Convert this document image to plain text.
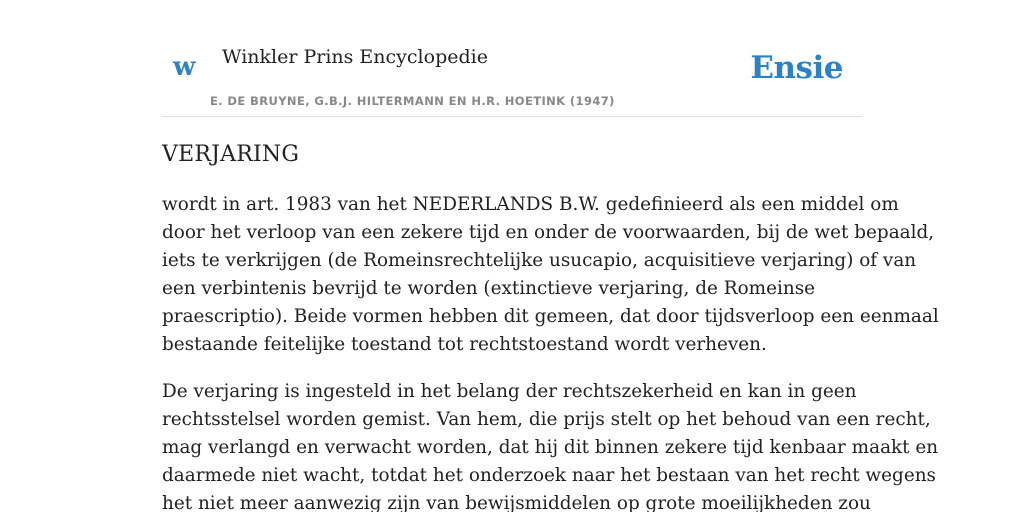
w Winkler Prins Encyclopedie
E. DE BRUYNE, G.B.J. HILTERMANN EN H.R. HOETINK (1947)
Ensie
VERJARING

wordt in art. 1983 van het NEDERLANDS B.W. gedefinieerd als een middel om
door het verloop van een zekere tijd en onder de voorwaarden, bij de wet bepaald,
iets te verkrijgen (de Romeinsrechtelijke usucapio, acquisitieve verjaring) of van
een verbintenis bevrijd te worden (extinctieve verjaring, de Romeinse
praescriptio). Beide vormen hebben dit gemeen, dat door tijdsverloop een eenmaal
bestaande feitelijke toestand tot rechtstoestand wordt verheven.

De verjaring is ingesteld in het belang der rechtszekerheid en kan in geen
rechtsstelsel worden gemist. Van hem, die prijs stelt op het behoud van een recht,
mag verlangd en verwacht worden, dat hij dit binnen zekere tijd kenbaar maakt en
daarmede niet wacht, totdat het onderzoek naar het bestaan van het recht wegens
het niet meer aanwezig zijn van bewijsmiddelen op grote moeilijkheden zou
